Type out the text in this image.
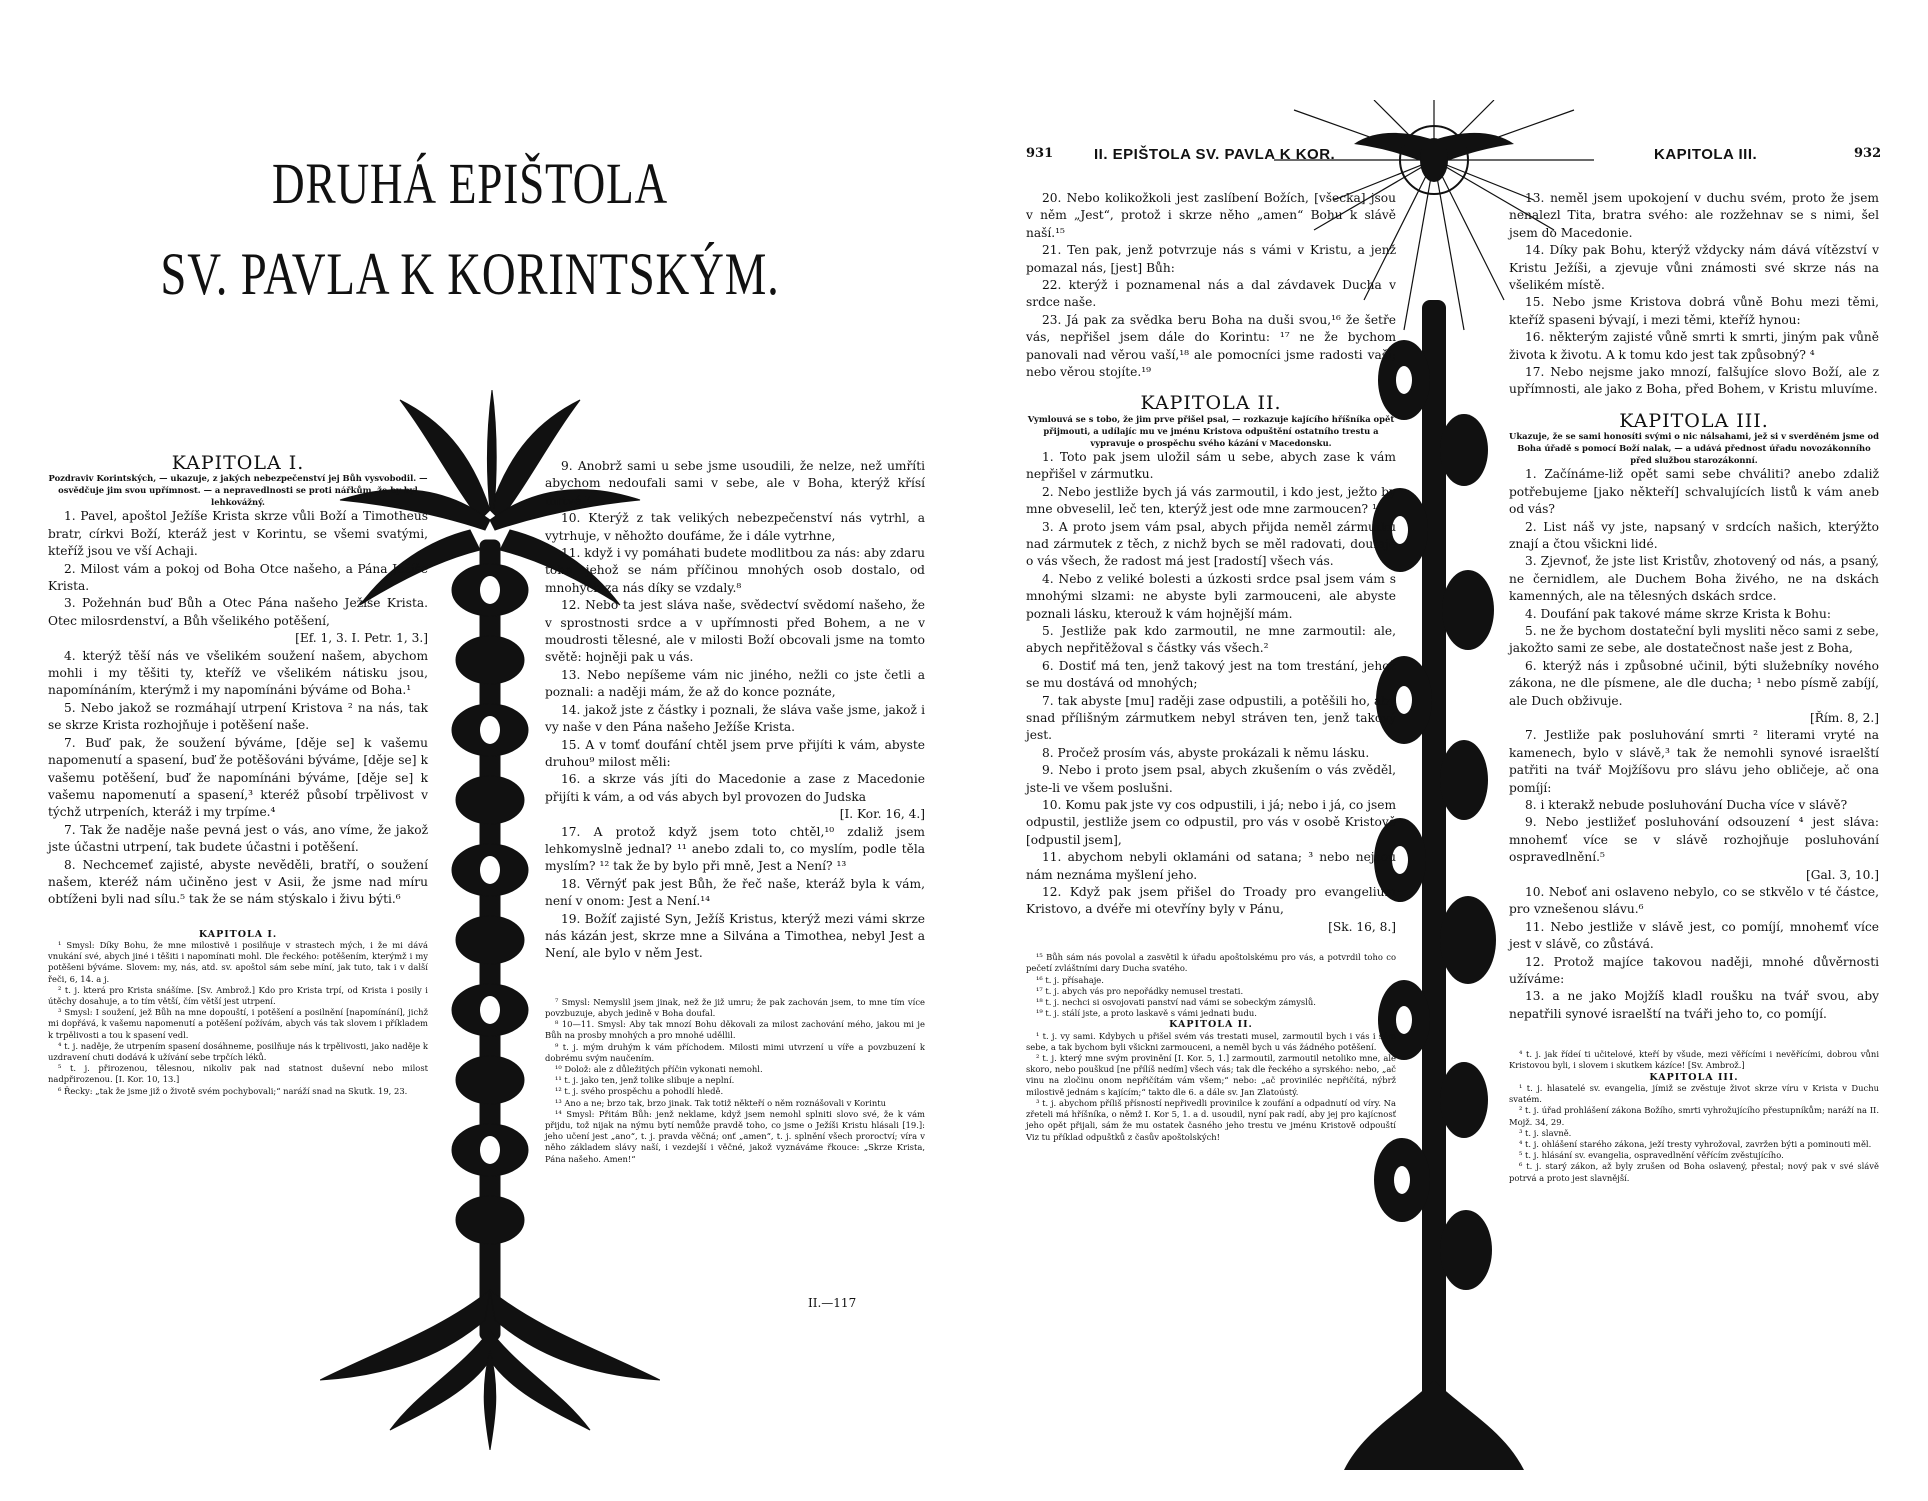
DRUHÁ EPIŠTOLA
SV. PAVLA K KORINTSKÝM.

KAPITOLA I.

Pozdraviv Korintských, — ukazuje, z jakých nebezpečenství jej Bůh vysvobodil. — osvědčuje jim svou upřímnost. — a nepravedlnosti se proti nářkům, že by byl lehkovážný.

1. Pavel, apoštol Ježíše Krista skrze vůli Boží a Timotheus bratr, církvi Boží, kteráž jest v Korintu, se všemi svatými, kteříž jsou ve vší Achaji.

2. Milost vám a pokoj od Boha Otce našeho, a Pána Ježíše Krista.

3. Požehnán buď Bůh a Otec Pána našeho Ježíše Krista. Otec milosrdenství, a Bůh všelikého potěšení,

[Ef. 1, 3. I. Petr. 1, 3.]

4. kterýž těší nás ve všelikém soužení našem, abychom mohli i my těšiti ty, kteříž ve všelikém nátisku jsou, napomínáním, kterýmž i my napomínáni býváme od Boha.¹

5. Nebo jakož se rozmáhají utrpení Kristova ² na nás, tak se skrze Krista rozhojňuje i potěšení naše.

7. Buď pak, že soužení býváme, [děje se] k vašemu napomenutí a spasení, buď že potěšováni býváme, [děje se] k vašemu potěšení, buď že napomínáni býváme, [děje se] k vašemu napomenutí a spasení,³ kteréž působí trpělivost v týchž utrpeních, kteráž i my trpíme.⁴

7. Tak že naděje naše pevná jest o vás, ano víme, že jakož jste účastni utrpení, tak budete účastni i potěšení.

8. Nechcemeť zajisté, abyste nevěděli, bratří, o soužení našem, kteréž nám učiněno jest v Asii, že jsme nad míru obtíženi byli nad sílu.⁵ tak že se nám stýskalo i živu býti.⁶

KAPITOLA I.

¹ Smysl: Díky Bohu, že mne milostivě i posilňuje v strastech mých, i že mi dává vnukání své, abych jiné i těšiti i napomínati mohl. Dle řeckého: potěšením, kterýmž i my potěšeni býváme. Slovem: my, nás, atd. sv. apoštol sám sebe míní, jak tuto, tak i v další řeči, 6, 14. a j.

² t. j. která pro Krista snášíme. [Sv. Ambrož.] Kdo pro Krista trpí, od Krista i posily i útěchy dosahuje, a to tím větší, čím větší jest utrpení.

³ Smysl: I soužení, jež Bůh na mne dopouští, i potěšení a posilnění [napomínání], jichž mi dopřává, k vašemu napomenutí a potěšení požívám, abych vás tak slovem i příkladem k trpělivosti a tou k spasení vedl.

⁴ t. j. naděje, že utrpením spasení dosáhneme, posilňuje nás k trpělivosti, jako naděje k uzdravení chuti dodává k užívání sebe trpčích léků.

⁵ t. j. přirozenou, tělesnou, nikoliv pak nad statnost duševní nebo milost nadpřirozenou. [I. Kor. 10, 13.]

⁶ Řecky: „tak že jsme již o životě svém pochybovali;“ naráží snad na Skutk. 19, 23.

9. Anobrž sami u sebe jsme usoudili, že nelze, než umříti abychom nedoufali sami v sebe, ale v Boha, kterýž křísí mrtvé.⁷

10. Kterýž z tak velikých nebezpečenství nás vytrhl, a vytrhuje, v něhožto doufáme, že i dále vytrhne,

11. když i vy pomáhati budete modlitbou za nás: aby zdaru toho, jehož se nám příčinou mnohých osob dostalo, od mnohých za nás díky se vzdaly.⁸

12. Nebo ta jest sláva naše, svědectví svědomí našeho, že v sprostnosti srdce a v upřímnosti před Bohem, a ne v moudrosti tělesné, ale v milosti Boží obcovali jsme na tomto světě: hojněji pak u vás.

13. Nebo nepíšeme vám nic jiného, nežli co jste četli a poznali: a naději mám, že až do konce poznáte,

14. jakož jste z částky i poznali, že sláva vaše jsme, jakož i vy naše v den Pána našeho Ježíše Krista.

15. A v tomť doufání chtěl jsem prve přijíti k vám, abyste druhou⁹ milost měli:

16. a skrze vás jíti do Macedonie a zase z Macedonie přijíti k vám, a od vás abych byl provozen do Judska

[I. Kor. 16, 4.]

17. A protož když jsem toto chtěl,¹⁰ zdaliž jsem lehkomyslně jednal? ¹¹ anebo zdali to, co myslím, podle těla myslím? ¹² tak že by bylo při mně, Jest a Není? ¹³

18. Věrnýť pak jest Bůh, že řeč naše, kteráž byla k vám, není v onom: Jest a Není.¹⁴

19. Božíť zajisté Syn, Ježíš Kristus, kterýž mezi vámi skrze nás kázán jest, skrze mne a Silvána a Timothea, nebyl Jest a Není, ale bylo v něm Jest.

⁷ Smysl: Nemyslil jsem jinak, než že již umru; že pak zachován jsem, to mne tím více povzbuzuje, abych jedině v Boha doufal.

⁸ 10—11. Smysl: Aby tak mnozí Bohu děkovali za milost zachování mého, jakou mi je Bůh na prosby mnohých a pro mnohé uděllil.

⁹ t. j. mým druhým k vám příchodem. Milosti mimi utvrzení u víře a povzbuzení k dobrému svým naučením.

¹⁰ Dolož: ale z důležitých příčin vykonati nemohl.

¹¹ t. j. jako ten, jenž tolike slibuje a neplní.

¹² t. j. svého prospěchu a pohodlí hledě.

¹³ Ano a ne; brzo tak, brzo jinak. Tak totiž někteří o něm roznášovali v Korintu

¹⁴ Smysl: Přitám Bůh: jenž neklame, když jsem nemohl splniti slovo své, že k vám přijdu, tož nijak na nýmu bytí nemůže pravdě toho, co jsme o Ježíši Kristu hlásali [19.]: jeho učení jest „ano“, t. j. pravda věčná; onť „amen“, t. j. splnění všech proroctví; víra v něho základem slávy naší, i vezdejší i věčné, jakož vyznáváme řkouce: „Skrze Krista, Pána našeho. Amen!“

II.—117
931	II. EPIŠTOLA SV. PAVLA K KOR.	KAPITOLA III.	932

20. Nebo kolikožkoli jest zaslíbení Božích, [všecka] jsou v něm „Jest“, protož i skrze něho „amen“ Bohu k slávě naší.¹⁵

21. Ten pak, jenž potvrzuje nás s vámi v Kristu, a jenž pomazal nás, [jest] Bůh:

22. kterýž i poznamenal nás a dal závdavek Ducha v srdce naše.

23. Já pak za svědka beru Boha na duši svou,¹⁶ že šetře vás, nepřišel jsem dále do Korintu: ¹⁷ ne že bychom panovali nad věrou vaší,¹⁸ ale pomocníci jsme radosti vaší; nebo věrou stojíte.¹⁹

KAPITOLA II.

Vymlouvá se s tobo, že jim prve přišel psal, — rozkazuje kajícího hříšníka opět přijmouti, a udílajíc mu ve jménu Kristova odpuštění ostatního trestu a vypravuje o prospěchu svého kázání v Macedonsku.

1. Toto pak jsem uložil sám u sebe, abych zase k vám nepřišel v zármutku.

2. Nebo jestliže bych já vás zarmoutil, i kdo jest, ježto by mne obveselil, leč ten, kterýž jest ode mne zarmoucen? ¹

3. A proto jsem vám psal, abych přijda neměl zármutku nad zármutek z těch, z nichž bych se měl radovati, doufaje o vás všech, že radost má jest [radostí] všech vás.

4. Nebo z veliké bolesti a úzkosti srdce psal jsem vám s mnohými slzami: ne abyste byli zarmouceni, ale abyste poznali lásku, kterouž k vám hojnější mám.

5. Jestliže pak kdo zarmoutil, ne mne zarmoutil: ale, abych nepřitěžoval s částky vás všech.²

6. Dostiť má ten, jenž takový jest na tom trestání, jehož se mu dostává od mnohých;

7. tak abyste [mu] raději zase odpustili, a potěšili ho, aby snad přílišným zármutkem nebyl stráven ten, jenž takový jest.

8. Pročež prosím vás, abyste prokázali k němu lásku.

9. Nebo i proto jsem psal, abych zkušením o vás zvěděl, jste-li ve všem poslušni.

10. Komu pak jste vy cos odpustili, i já; nebo i já, co jsem odpustil, jestliže jsem co odpustil, pro vás v osobě Kristově [odpustil jsem],

11. abychom nebyli oklamáni od satana; ³ nebo nejsou nám neznáma myšlení jeho.

12. Když pak jsem přišel do Troady pro evangelium Kristovo, a dvéře mi otevříny byly v Pánu,

[Sk. 16, 8.]

¹⁵ Bůh sám nás povolal a zasvětil k úřadu apoštolskému pro vás, a potvrdil toho co pečetí zvláštními dary Ducha svatého.

¹⁶ t. j. přísahaje.

¹⁷ t. j. abych vás pro nepořádky nemusel trestati.

¹⁸ t. j. nechci si osvojovati panství nad vámi se sobeckým zámyslů.

¹⁹ t. j. stálí jste, a proto laskavě s vámi jednati budu.

KAPITOLA II.

¹ t. j. vy sami. Kdybych u přišel svém vás trestati musel, zarmoutil bych i vás i sám sebe, a tak bychom byli všickni zarmouceni, a neměl bych u vás žádného potěšení.

² t. j. který mne svým provinění [I. Kor. 5, 1.] zarmoutil, zarmoutil netoliko mne, ale skoro, nebo pouškud [ne přílíš nedím] všech vás; tak dle řeckého a syrského: nebo, „ač vinu na zločinu onom nepřičítám vám všem;“ nebo: „ač proviniléc nepřičítá, nýbrž milostivě jednám s kajícím;“ takto dle 6. a dále sv. Jan Zlatoústý.

³ t. j. abychom příliš přísností nepřivedli provinilce k zoufání a odpadnutí od víry. Na zřeteli má hříšníka, o němž I. Kor 5, 1. a d. usoudil, nyní pak radí, aby jej pro kajícnosť jeho opět přijali, sám že mu ostatek časného jeho trestu ve jménu Kristově odpouští Viz tu příklad odpuštků z časův apoštolských!

13. neměl jsem upokojení v duchu svém, proto že jsem nenalezl Tita, bratra svého: ale rozžehnav se s nimi, šel jsem do Macedonie.

14. Díky pak Bohu, kterýž vždycky nám dává vítězství v Kristu Ježíši, a zjevuje vůni známosti své skrze nás na všelikém místě.

15. Nebo jsme Kristova dobrá vůně Bohu mezi těmi, kteříž spaseni bývají, i mezi těmi, kteříž hynou:

16. některým zajisté vůně smrti k smrti, jiným pak vůně života k životu. A k tomu kdo jest tak způsobný? ⁴

17. Nebo nejsme jako mnozí, falšujíce slovo Boží, ale z upřímnosti, ale jako z Boha, před Bohem, v Kristu mluvíme.

KAPITOLA III.

Ukazuje, že se sami honosíti svými o nic nálsahami, jež si v sverděném jsme od Boha úřadě s pomocí Boží nalak, — a udává přednost úřadu novozákonního před službou starozákonní.

1. Začínáme-liž opět sami sebe chváliti? anebo zdaliž potřebujeme [jako někteří] schvalujících listů k vám aneb od vás?

2. List náš vy jste, napsaný v srdcích našich, kterýžto znají a čtou všickni lidé.

3. Zjevnoť, že jste list Kristův, zhotovený od nás, a psaný, ne černidlem, ale Duchem Boha živého, ne na dskách kamenných, ale na tělesných dskách srdce.

4. Doufání pak takové máme skrze Krista k Bohu:

5. ne že bychom dostateční byli mysliti něco sami z sebe, jakožto sami ze sebe, ale dostatečnost naše jest z Boha,

6. kterýž nás i způsobné učinil, býti služebníky nového zákona, ne dle písmene, ale dle ducha; ¹ nebo písmě zabíjí, ale Duch obživuje.

[Řím. 8, 2.]

7. Jestliže pak posluhování smrti ² literami vryté na kamenech, bylo v slávě,³ tak že nemohli synové israelští patřiti na tvář Mojžíšovu pro slávu jeho obličeje, ač ona pomíjí:

8. i kterakž nebude posluhování Ducha více v slávě?

9. Nebo jestližeť posluhování odsouzení ⁴ jest sláva: mnohemť více se v slávě rozhojňuje posluhování ospravedlnění.⁵

[Gal. 3, 10.]

10. Neboť ani oslaveno nebylo, co se stkvělo v té částce, pro vznešenou slávu.⁶

11. Nebo jestliže v slávě jest, co pomíjí, mnohemť více jest v slávě, co zůstává.

12. Protož majíce takovou naději, mnohé důvěrnosti užíváme:

13. a ne jako Mojžíš kladl roušku na tvář svou, aby nepatřili synové israelští na tváři jeho to, co pomíjí.

⁴ t. j. jak řídeí ti učitelové, kteří by všude, mezi věřícími i nevěřícími, dobrou vůni Kristovou byli, i slovem i skutkem kázíce! [Sv. Ambrož.]

KAPITOLA III.

¹ t. j. hlasatelé sv. evangelia, jímiž se zvěstuje život skrze víru v Krista v Duchu svatém.

² t. j. úřad prohlášení zákona Božího, smrti vyhrožujícího přestupníkům; naráží na II. Mojž. 34, 29.

³ t. j. slavně.

⁴ t. j. ohlášení starého zákona, ježí tresty vyhrožoval, zavržen býti a pominouti měl.

⁵ t. j. hlásání sv. evangelia, ospravedlnění věřícím zvěstujícího.

⁶ t. j. starý zákon, až byly zrušen od Boha oslavený, přestal; nový pak v své slávě potrvá a proto jest slavnější.
